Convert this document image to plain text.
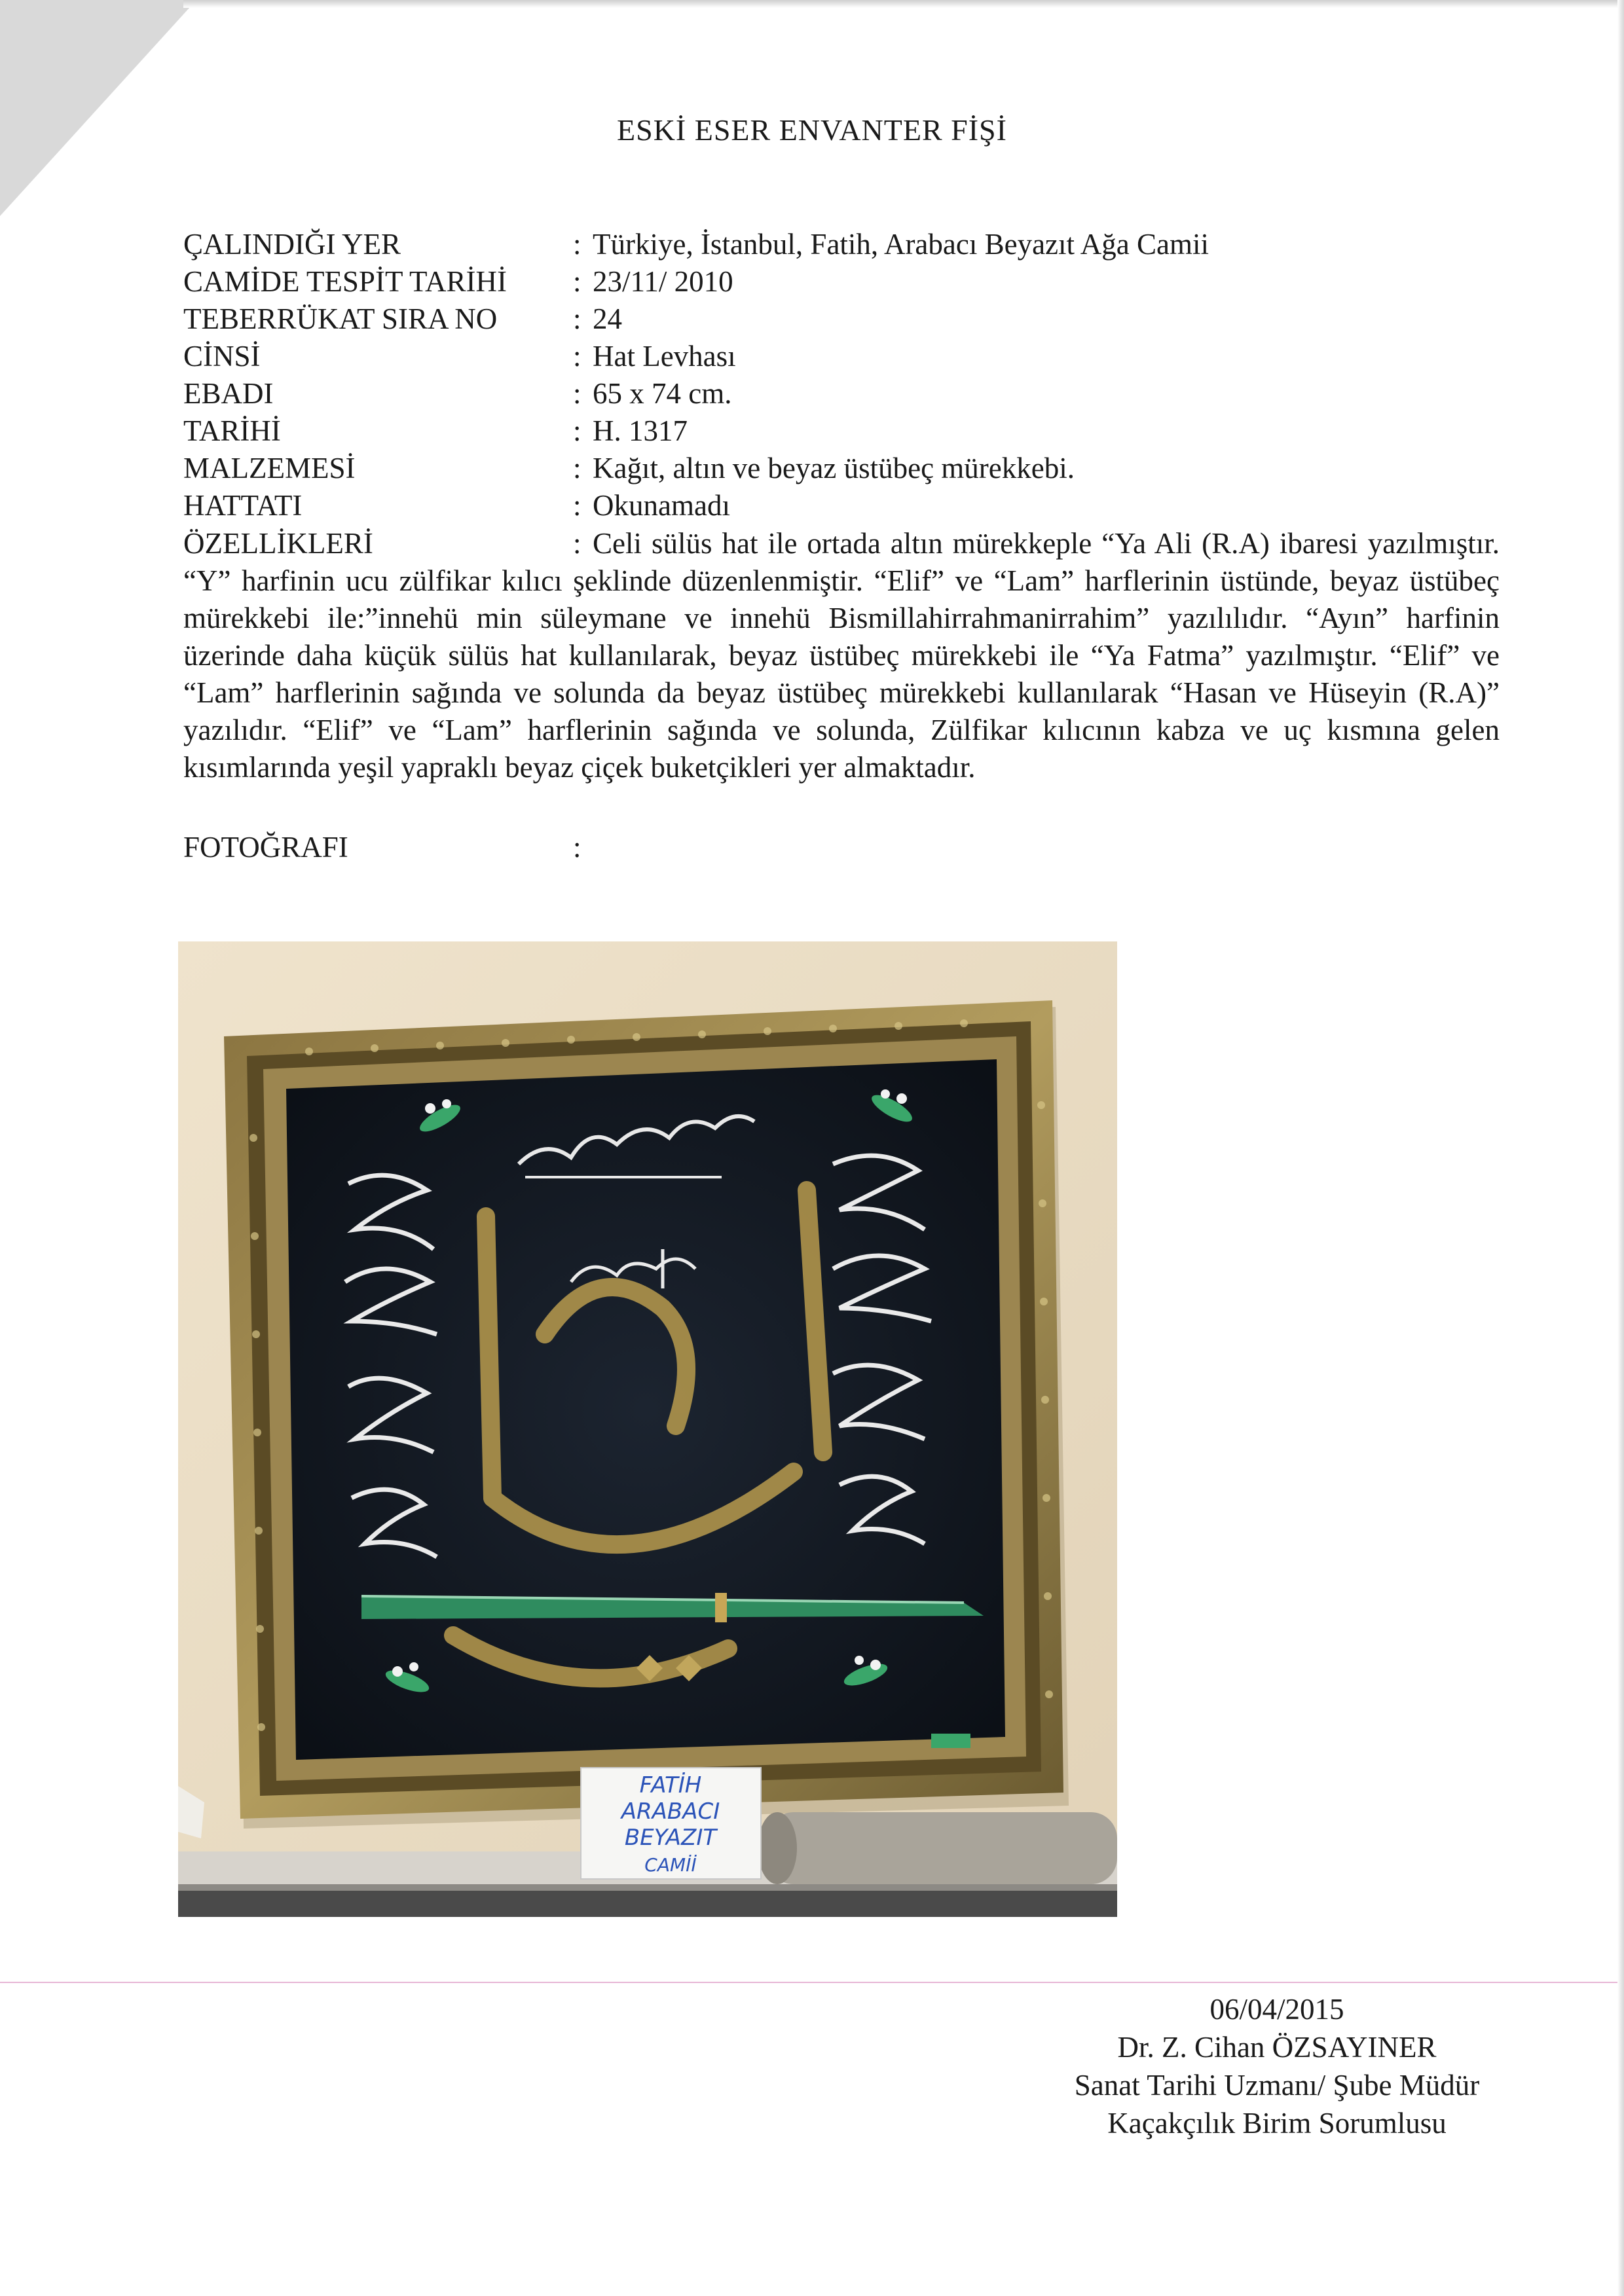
ESKİ ESER ENVANTER FİŞİ
ÇALINDIĞI YER	: Türkiye, İstanbul, Fatih, Arabacı Beyazıt Ağa Camii
CAMİDE TESPİT TARİHİ	: 23/11/ 2010
TEBERRÜKAT SIRA NO	: 24
CİNSİ	: Hat Levhası
EBADI	: 65 x 74 cm.
TARİHİ	: H. 1317
MALZEMESİ	: Kağıt, altın ve beyaz üstübeç mürekkebi.
HATTATI	: Okunamadı
ÖZELLİKLERİ	: Celi sülüs hat ile ortada altın mürekkeple “Ya Ali (R.A) ibaresi yazılmıştır. “Y” harfinin ucu zülfikar kılıcı şeklinde düzenlenmiştir. “Elif” ve “Lam” harflerinin üstünde, beyaz üstübeç mürekkebi ile:”innehü min süleymane ve innehü Bismillahirrahmanirrahim” yazılılıdır. “Ayın” harfinin üzerinde daha küçük sülüs hat kullanılarak, beyaz üstübeç mürekkebi ile “Ya Fatma” yazılmıştır. “Elif” ve “Lam” harflerinin sağında ve solunda da beyaz üstübeç mürekkebi kullanılarak “Hasan ve Hüseyin (R.A)” yazılıdır. “Elif” ve “Lam” harflerinin sağında ve solunda, Zülfikar kılıcının kabza ve uç kısmına gelen kısımlarında yeşil yapraklı beyaz çiçek buketçikleri yer almaktadır.
FOTOĞRAFI	:
FATİH
ARABACI
BEYAZIT
CAMİİ
06/04/2015
Dr. Z. Cihan ÖZSAYINER
Sanat Tarihi Uzmanı/ Şube Müdür
Kaçakçılık Birim Sorumlusu
